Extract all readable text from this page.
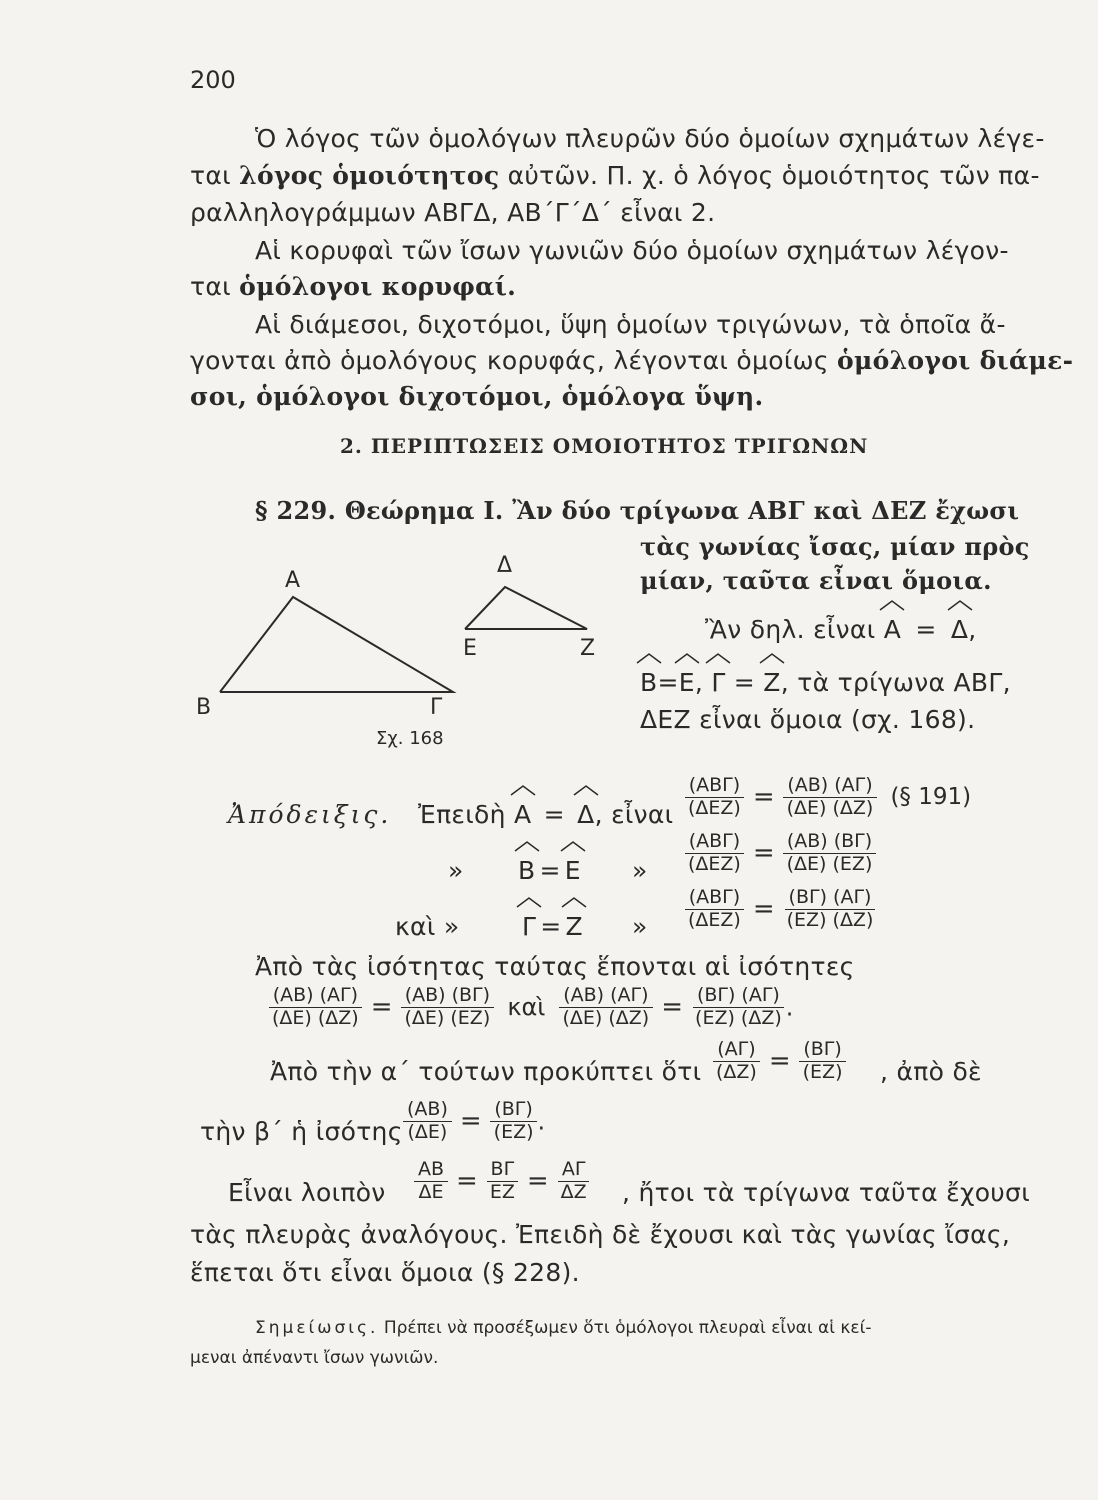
200
Ὁ λόγος τῶν ὁμολόγων πλευρῶν δύο ὁμοίων σχημάτων λέγε-
ται λόγος ὁμοιότητος αὐτῶν. Π. χ. ὁ λόγος ὁμοιότητος τῶν πα-
ραλληλογράμμων ΑΒΓΔ, ΑΒ΄Γ΄Δ΄ εἶναι 2.
Αἱ κορυφαὶ τῶν ἴσων γωνιῶν δύο ὁμοίων σχημάτων λέγον-
ται ὁμόλογοι κορυφαί.
Αἱ διάμεσοι, διχοτόμοι, ὕψη ὁμοίων τριγώνων, τὰ ὁποῖα ἄ-
γονται ἀπὸ ὁμολόγους κορυφάς, λέγονται ὁμοίως ὁμόλογοι διάμε-
σοι, ὁμόλογοι διχοτόμοι, ὁμόλογα ὕψη.
2. ΠΕΡΙΠΤΩΣΕΙΣ ΟΜΟΙΟΤΗΤΟΣ ΤΡΙΓΩΝΩΝ
§ 229. Θεώρημα Ι. Ἂν δύο τρίγωνα ΑΒΓ καὶ ΔΕΖ ἔχωσι
τὰς γωνίας ἴσας, μίαν πρὸς
μίαν, ταῦτα εἶναι ὅμοια.
A
B	Γ
Δ
E	Z
Σχ. 168
Ἂν δηλ. εἶναι
A = Δ,
B=
E, Γ = Z, τὰ τρίγωνα ΑΒΓ,
ΔΕΖ εἶναι ὅμοια (σχ. 168).
Ἀπόδειξις. Ἐπειδὴ A = Δ, εἶναι $\frac{\text{(ΑΒΓ)}}{\text{(ΔΕΖ)}} = \frac{(AB) (A\Gamma)}{(\Delta E) (\Delta Z)}$ (§ 191)
» B = E » $\frac{\text{(ΑΒΓ)}}{\text{(ΔΕΖ)}} = \frac{(AB) (B\Gamma)}{(\Delta E) (EZ)}$
καὶ »	Γ = Z » $\frac{\text{(ΑΒΓ)}}{\text{(ΔΕΖ)}} = \frac{(B\Gamma) (A\Gamma)}{(EZ) (\Delta Z)}$
Ἀπὸ τὰς ἰσότητας ταύτας ἕπονται αἱ ἰσότητες
$\frac{(AB) (A\Gamma)}{(\Delta E) (\Delta Z)} = \frac{(AB) (B\Gamma)}{(\Delta E) (EZ)}$ καὶ $\frac{(AB) (A\Gamma)}{(\Delta E) (\Delta Z)} = \frac{(B\Gamma) (A\Gamma)}{(EZ) (\Delta Z)}$ .
Ἀπὸ τὴν α΄ τούτων προκύπτει ὅτι $\frac{(A\Gamma)}{(\Delta Z)} = \frac{(B\Gamma)}{(EZ)}$ , ἀπὸ δὲ
τὴν β΄ ἡ ἰσότης $\frac{(AB)}{(\Delta E)} = \frac{(B\Gamma)}{(EZ)}$ .
Εἶναι λοιπὸν $\frac{AB}{\Delta E} = \frac{B\Gamma}{EZ} = \frac{A\Gamma}{\Delta Z}$ , ἤτοι τὰ τρίγωνα ταῦτα ἔχουσι
τὰς πλευρὰς ἀναλόγους. Ἐπειδὴ δὲ ἔχουσι καὶ τὰς γωνίας ἴσας,
ἕπεται ὅτι εἶναι ὅμοια (§ 228).
Σημείωσις. Πρέπει νὰ προσέξωμεν ὅτι ὁμόλογοι πλευραὶ εἶναι αἱ κεί-
μεναι ἀπέναντι ἴσων γωνιῶν.
